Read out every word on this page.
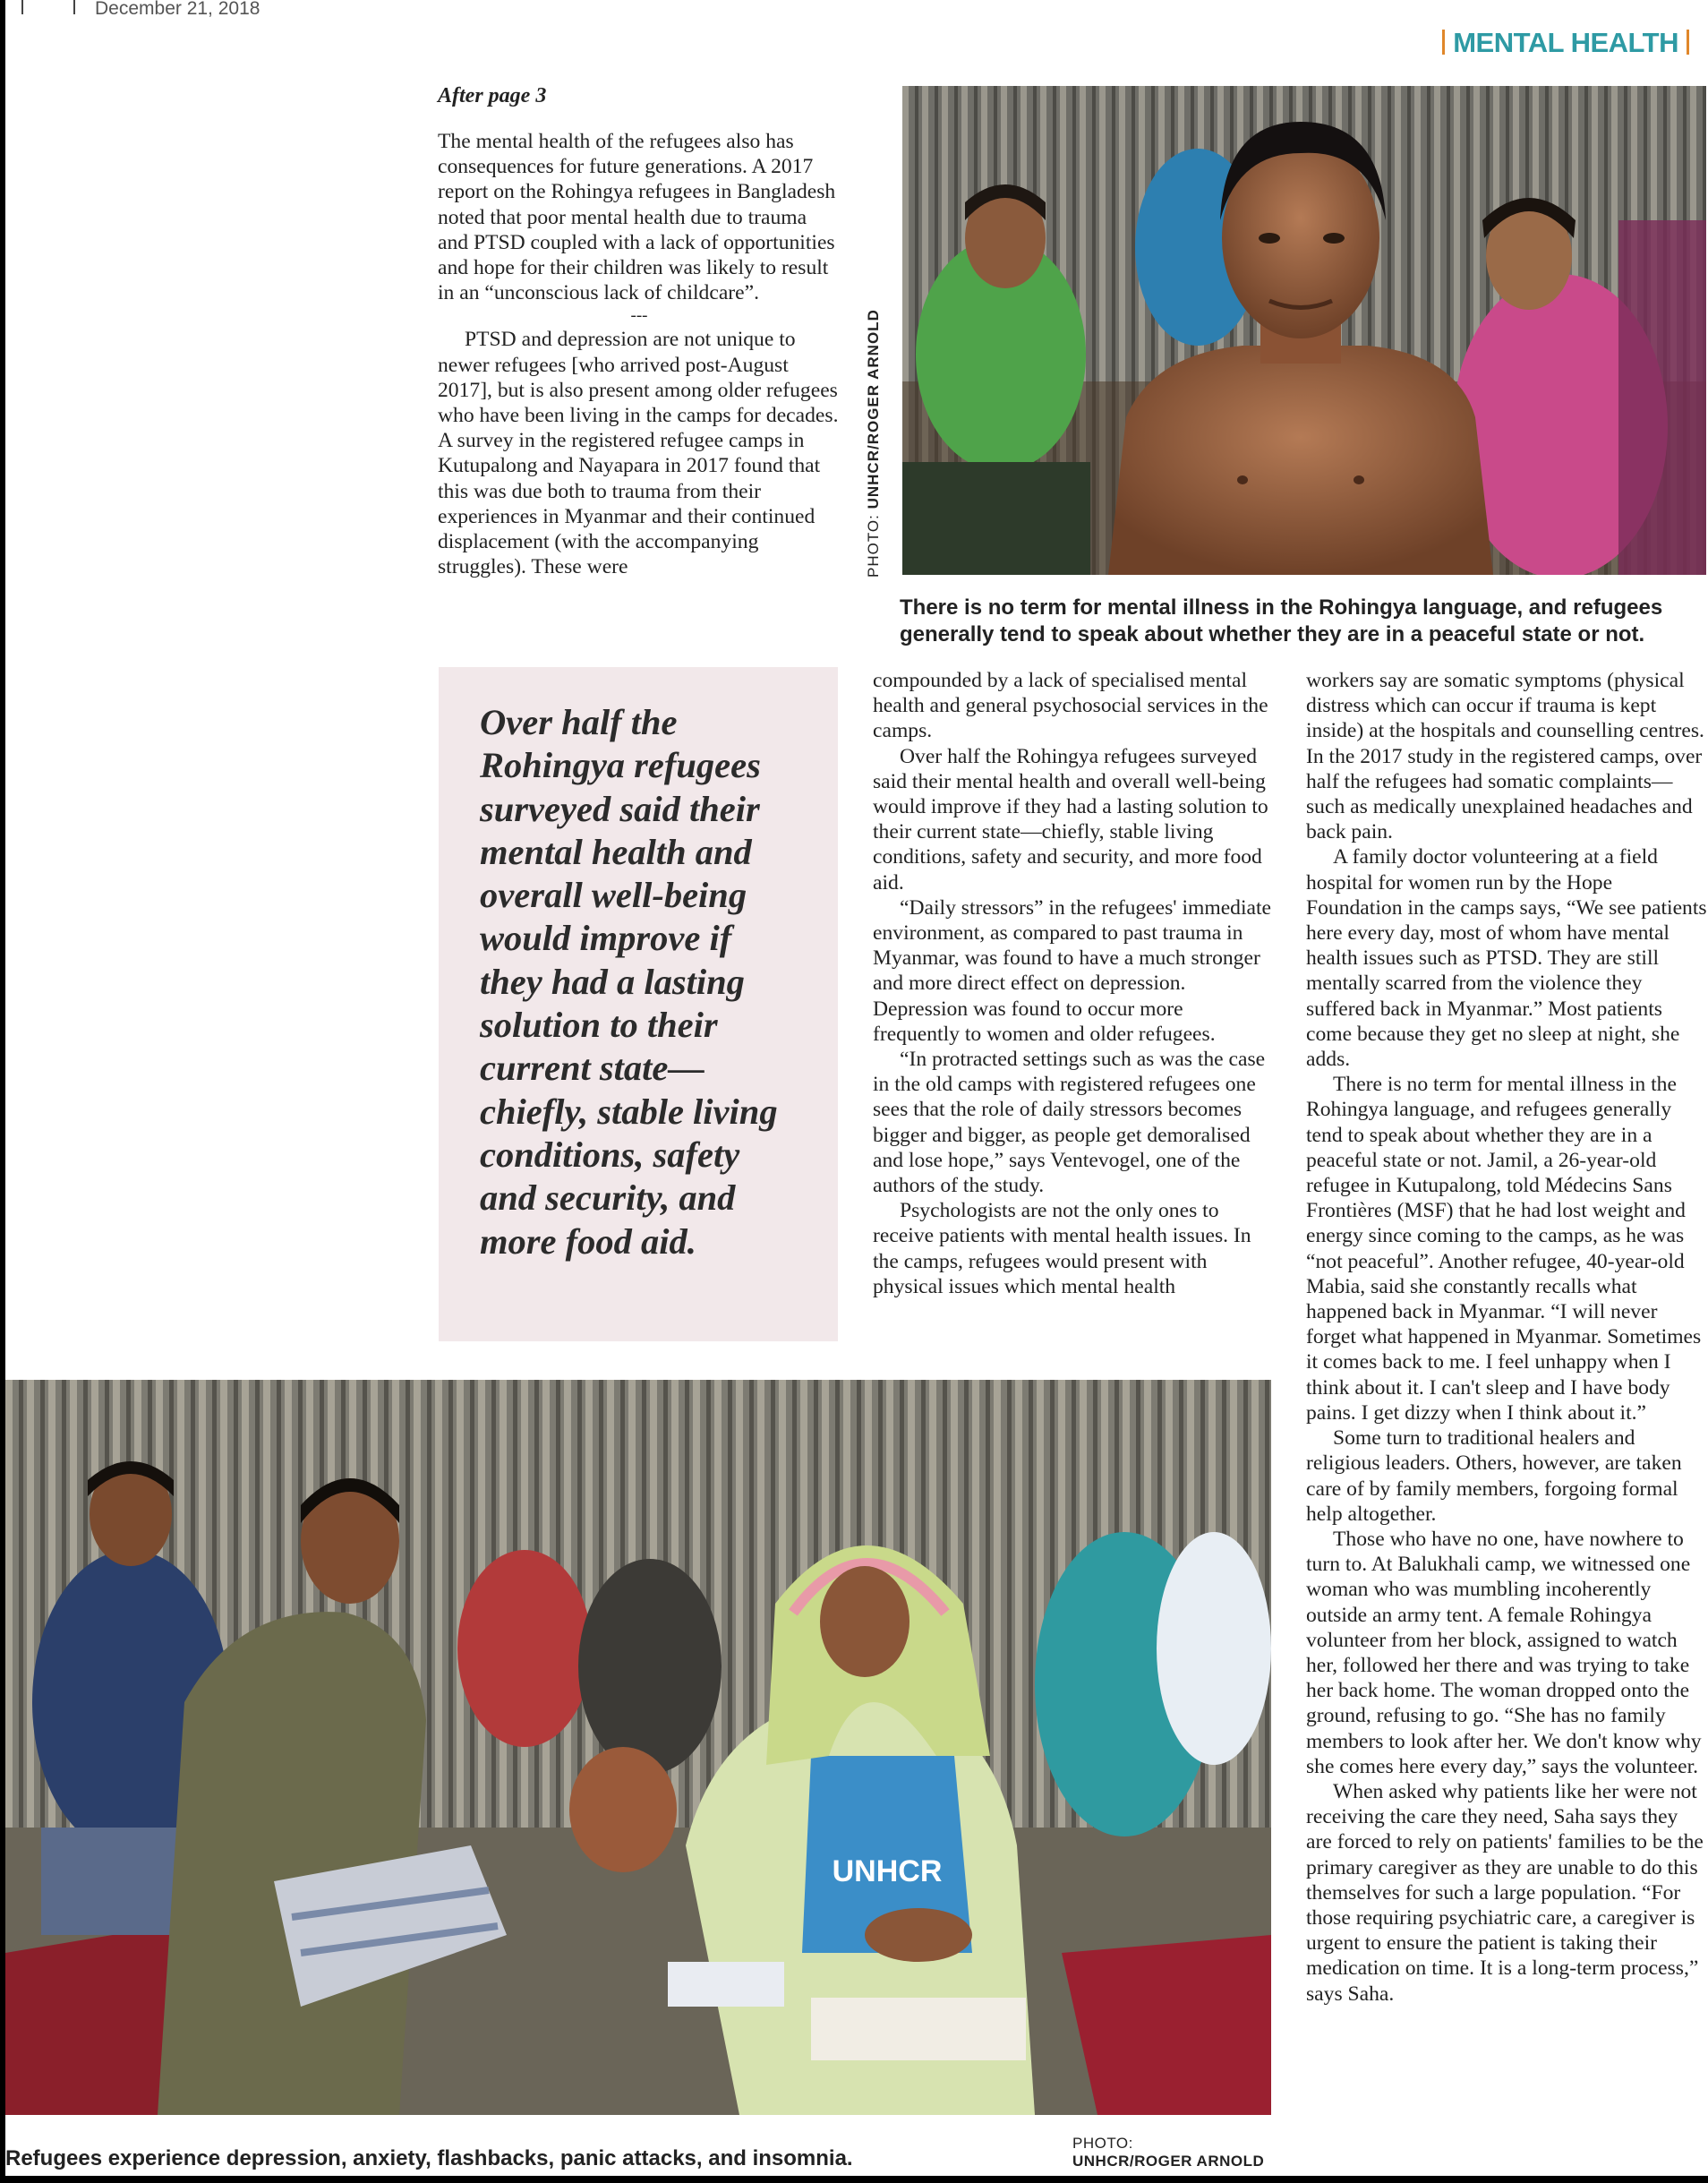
December 21, 2018
MENTAL HEALTH
After page 3

The mental health of the refugees also has consequences for future generations. A 2017 report on the Rohingya refugees in Bangladesh noted that poor mental health due to trauma and PTSD coupled with a lack of opportunities and hope for their children was likely to result in an “unconscious lack of childcare”.

---

PTSD and depression are not unique to newer refugees [who arrived post-August 2017], but is also present among older refugees who have been living in the camps for decades. A survey in the registered refugee camps in Kutupalong and Nayapara in 2017 found that this was due both to trauma from their experiences in Myanmar and their continued displacement (with the accompanying struggles). These were	PHOTO: UNHCR/ROGER ARNOLD
There is no term for mental illness in the Rohingya language, and refugees generally tend to speak about whether they are in a peaceful state or not.

Over half the Rohingya refugees surveyed said their mental health and overall well-being would improve if they had a lasting solution to their current state—chiefly, stable living conditions, safety and security, and more food aid.

compounded by a lack of specialised mental health and general psychosocial services in the camps.

Over half the Rohingya refugees surveyed said their mental health and overall well-being would improve if they had a lasting solution to their current state—chiefly, stable living conditions, safety and security, and more food aid.

“Daily stressors” in the refugees' immediate environment, as compared to past trauma in Myanmar, was found to have a much stronger and more direct effect on depression. Depression was found to occur more frequently to women and older refugees.

“In protracted settings such as was the case in the old camps with registered refugees one sees that the role of daily stressors becomes bigger and bigger, as people get demoralised and lose hope,” says Ventevogel, one of the authors of the study.

Psychologists are not the only ones to receive patients with mental health issues. In the camps, refugees would present with physical issues which mental health

workers say are somatic symptoms (physical distress which can occur if trauma is kept inside) at the hospitals and counselling centres. In the 2017 study in the registered camps, over half the refugees had somatic complaints—such as medically unexplained headaches and back pain.

A family doctor volunteering at a field hospital for women run by the Hope Foundation in the camps says, “We see patients here every day, most of whom have mental health issues such as PTSD. They are still mentally scarred from the violence they suffered back in Myanmar.” Most patients come because they get no sleep at night, she adds.

There is no term for mental illness in the Rohingya language, and refugees generally tend to speak about whether they are in a peaceful state or not. Jamil, a 26-year-old refugee in Kutupalong, told Médecins Sans Frontières (MSF) that he had lost weight and energy since coming to the camps, as he was “not peaceful”. Another refugee, 40-year-old Mabia, said she constantly recalls what happened back in Myanmar. “I will never forget what happened in Myanmar. Sometimes it comes back to me. I feel unhappy when I think about it. I can't sleep and I have body pains. I get dizzy when I think about it.”

Some turn to traditional healers and religious leaders. Others, however, are taken care of by family members, forgoing formal help altogether.

Those who have no one, have nowhere to turn to. At Balukhali camp, we witnessed one woman who was mumbling incoherently outside an army tent. A female Rohingya volunteer from her block, assigned to watch her, followed her there and was trying to take her back home. The woman dropped onto the ground, refusing to go. “She has no family members to look after her. We don't know why she comes here every day,” says the volunteer.

When asked why patients like her were not receiving the care they need, Saha says they are forced to rely on patients' families to be the primary caregiver as they are unable to do this themselves for such a large population. “For those requiring psychiatric care, a caregiver is urgent to ensure the patient is taking their medication on time. It is a long-term process,” says Saha.

UNHCR
Refugees experience depression, anxiety, flashbacks, panic attacks, and insomnia.
PHOTO:
UNHCR/ROGER ARNOLD
